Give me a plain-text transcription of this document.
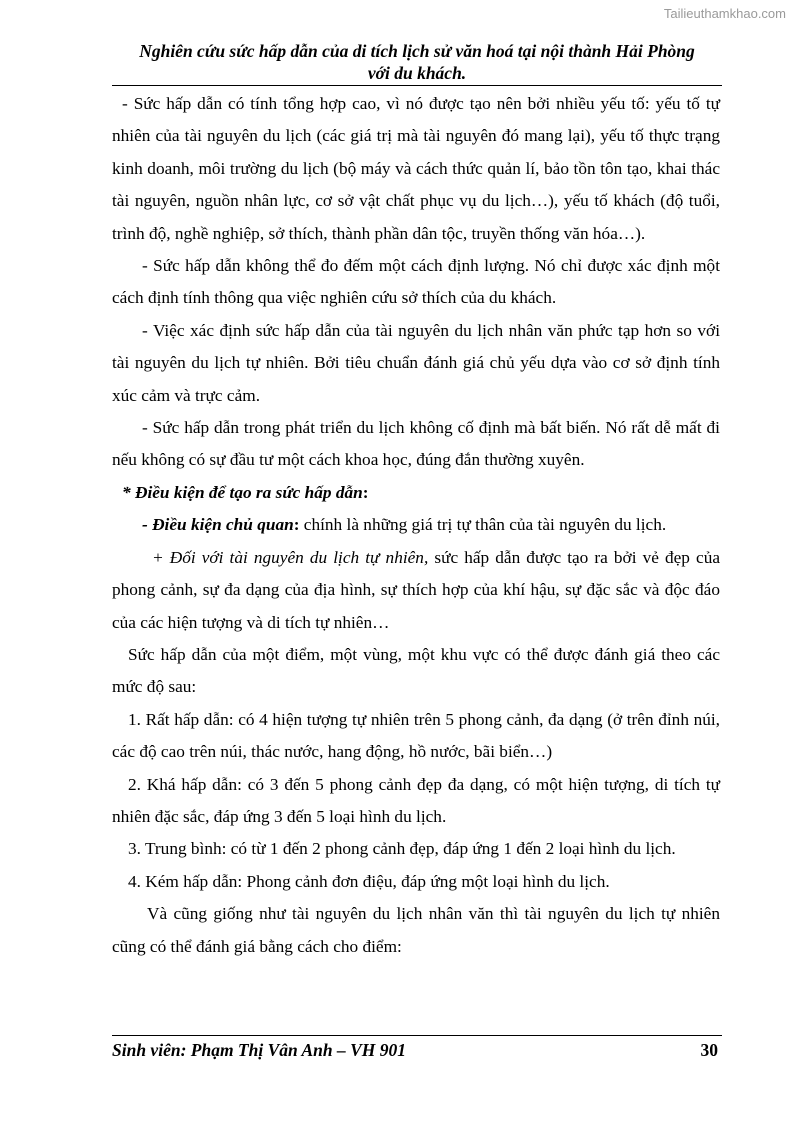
Tailieuthamkhao.com
Nghiên cứu sức hấp dẫn của di tích lịch sử văn hoá tại nội thành Hải Phòng
với du khách.

- Sức hấp dẫn có tính tổng hợp cao, vì nó được tạo nên bởi nhiều yếu tố: yếu tố tự nhiên của tài nguyên du lịch (các giá trị mà tài nguyên đó mang lại), yếu tố thực trạng kinh doanh, môi trường du lịch (bộ máy và cách thức quản lí, bảo tồn tôn tạo, khai thác tài nguyên, nguồn nhân lực, cơ sở vật chất phục vụ du lịch…), yếu tố khách (độ tuổi, trình độ, nghề nghiệp, sở thích, thành phần dân tộc, truyền thống văn hóa…).

- Sức hấp dẫn không thể đo đếm một cách định lượng. Nó chỉ được xác định một cách định tính thông qua việc nghiên cứu sở thích của du khách.

- Việc xác định sức hấp dẫn của tài nguyên du lịch nhân văn phức tạp hơn so với tài nguyên du lịch tự nhiên. Bởi tiêu chuẩn đánh giá chủ yếu dựa vào cơ sở định tính xúc cảm và trực cảm.

- Sức hấp dẫn trong phát triển du lịch không cố định mà bất biến. Nó rất dễ mất đi nếu không có sự đầu tư một cách khoa học, đúng đắn thường xuyên.

* Điều kiện để tạo ra sức hấp dẫn:

- Điều kiện chủ quan: chính là những giá trị tự thân của tài nguyên du lịch.

+ Đối với tài nguyên du lịch tự nhiên, sức hấp dẫn được tạo ra bởi vẻ đẹp của phong cảnh, sự đa dạng của địa hình, sự thích hợp của khí hậu, sự đặc sắc và độc đáo của các hiện tượng và di tích tự nhiên…

Sức hấp dẫn của một điểm, một vùng, một khu vực có thể được đánh giá theo các mức độ sau:

1. Rất hấp dẫn: có 4 hiện tượng tự nhiên trên 5 phong cảnh, đa dạng (ở trên đỉnh núi, các độ cao trên núi, thác nước, hang động, hồ nước, bãi biển…)

2. Khá hấp dẫn: có 3 đến 5 phong cảnh đẹp đa dạng, có một hiện tượng, di tích tự nhiên đặc sắc, đáp ứng 3 đến 5 loại hình du lịch.

3. Trung bình: có từ 1 đến 2 phong cảnh đẹp, đáp ứng 1 đến 2 loại hình du lịch.

4. Kém hấp dẫn: Phong cảnh đơn điệu, đáp ứng một loại hình du lịch.

Và cũng giống như tài nguyên du lịch nhân văn thì tài nguyên du lịch tự nhiên cũng có thể đánh giá bằng cách cho điểm:

Sinh viên: Phạm Thị Vân Anh – VH 901	30
